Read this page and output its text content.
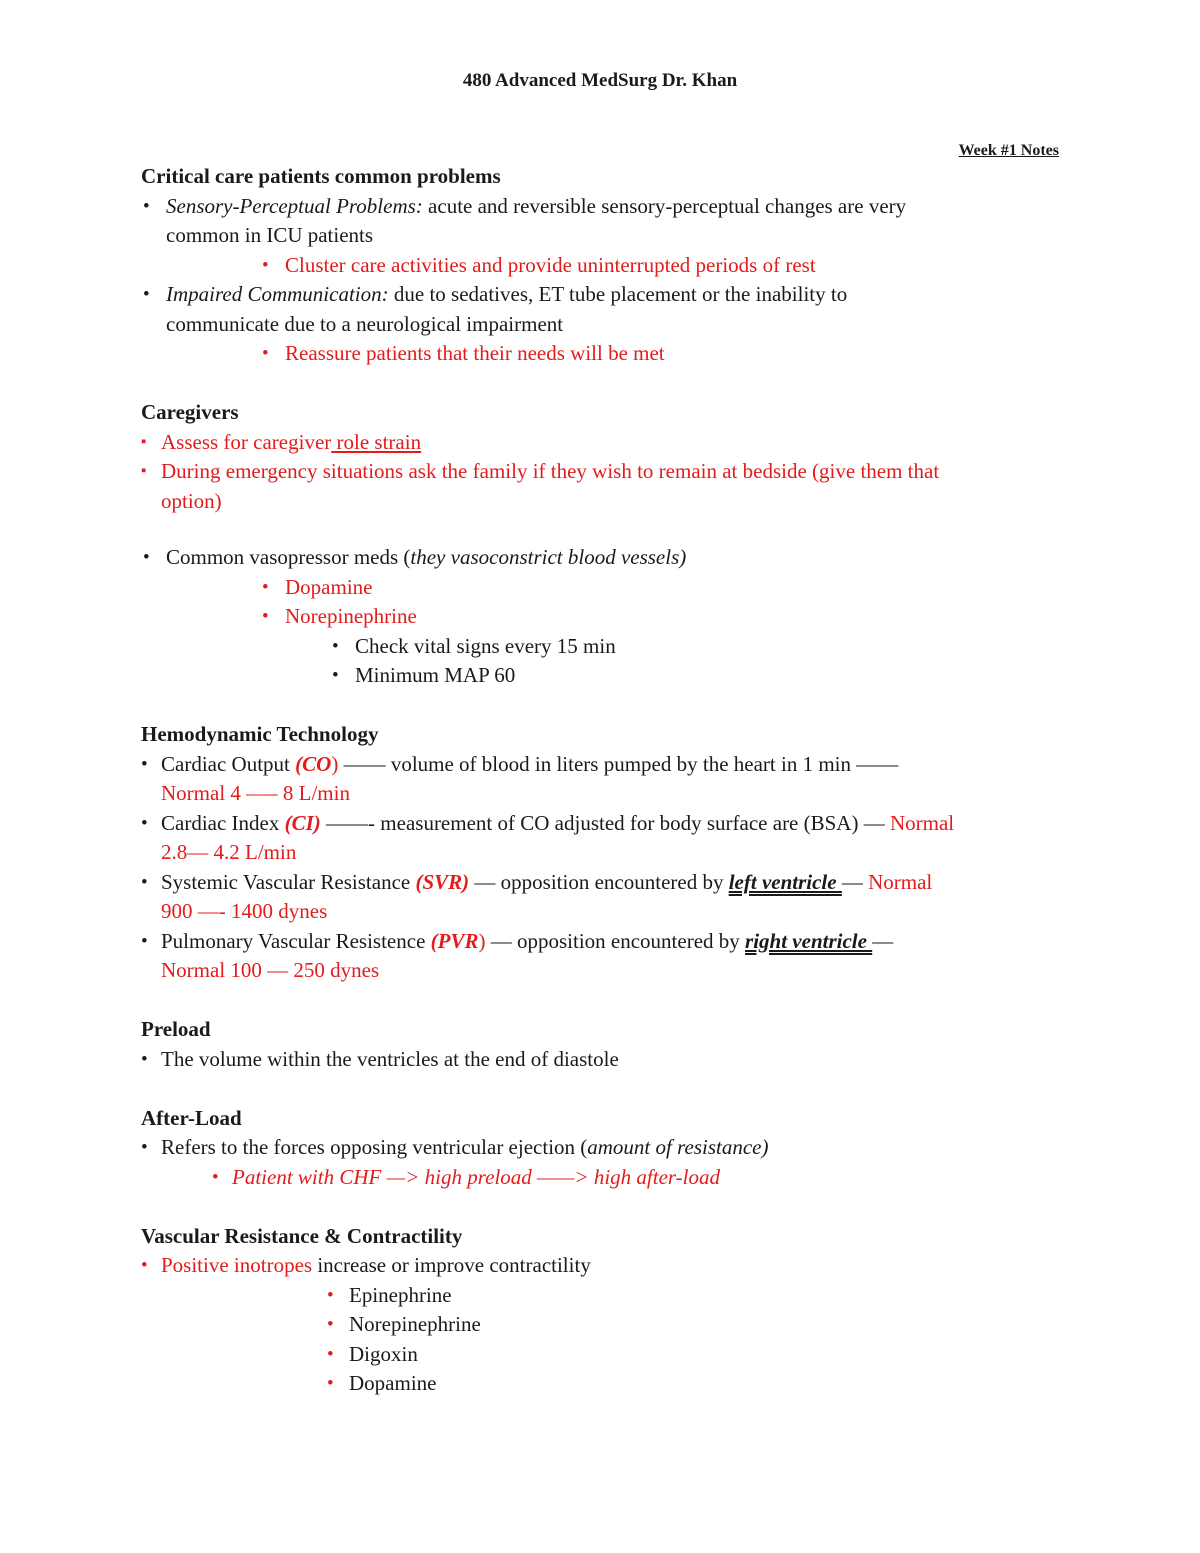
480 Advanced MedSurg Dr. Khan
Week #1 Notes

Critical care patients common problems

• Sensory-Perceptual Problems: acute and reversible sensory-perceptual changes are very
common in ICU patients
• Cluster care activities and provide uninterrupted periods of rest
• Impaired Communication: due to sedatives, ET tube placement or the inability to
communicate due to a neurological impairment
• Reassure patients that their needs will be met

Caregivers

▪ Assess for caregiver role strain
▪ During emergency situations ask the family if they wish to remain at bedside (give them that
option)
• Common vasopressor meds (they vasoconstrict blood vessels)
• Dopamine
• Norepinephrine
• Check vital signs every 15 min
• Minimum MAP 60

Hemodynamic Technology

• Cardiac Output (CO) —— volume of blood in liters pumped by the heart in 1 min ——
Normal 4 —– 8 L/min
• Cardiac Index (CI) ——- measurement of CO adjusted for body surface are (BSA) — Normal
2.8— 4.2 L/min
• Systemic Vascular Resistance (SVR) — opposition encountered by left ventricle — Normal
900 —- 1400 dynes
• Pulmonary Vascular Resistence (PVR) — opposition encountered by right ventricle —
Normal 100 — 250 dynes

Preload

• The volume within the ventricles at the end of diastole

After-Load

• Refers to the forces opposing ventricular ejection (amount of resistance)
• Patient with CHF —> high preload ——> high after-load

Vascular Resistance & Contractility

• Positive inotropes increase or improve contractility
• Epinephrine
• Norepinephrine
• Digoxin
• Dopamine
